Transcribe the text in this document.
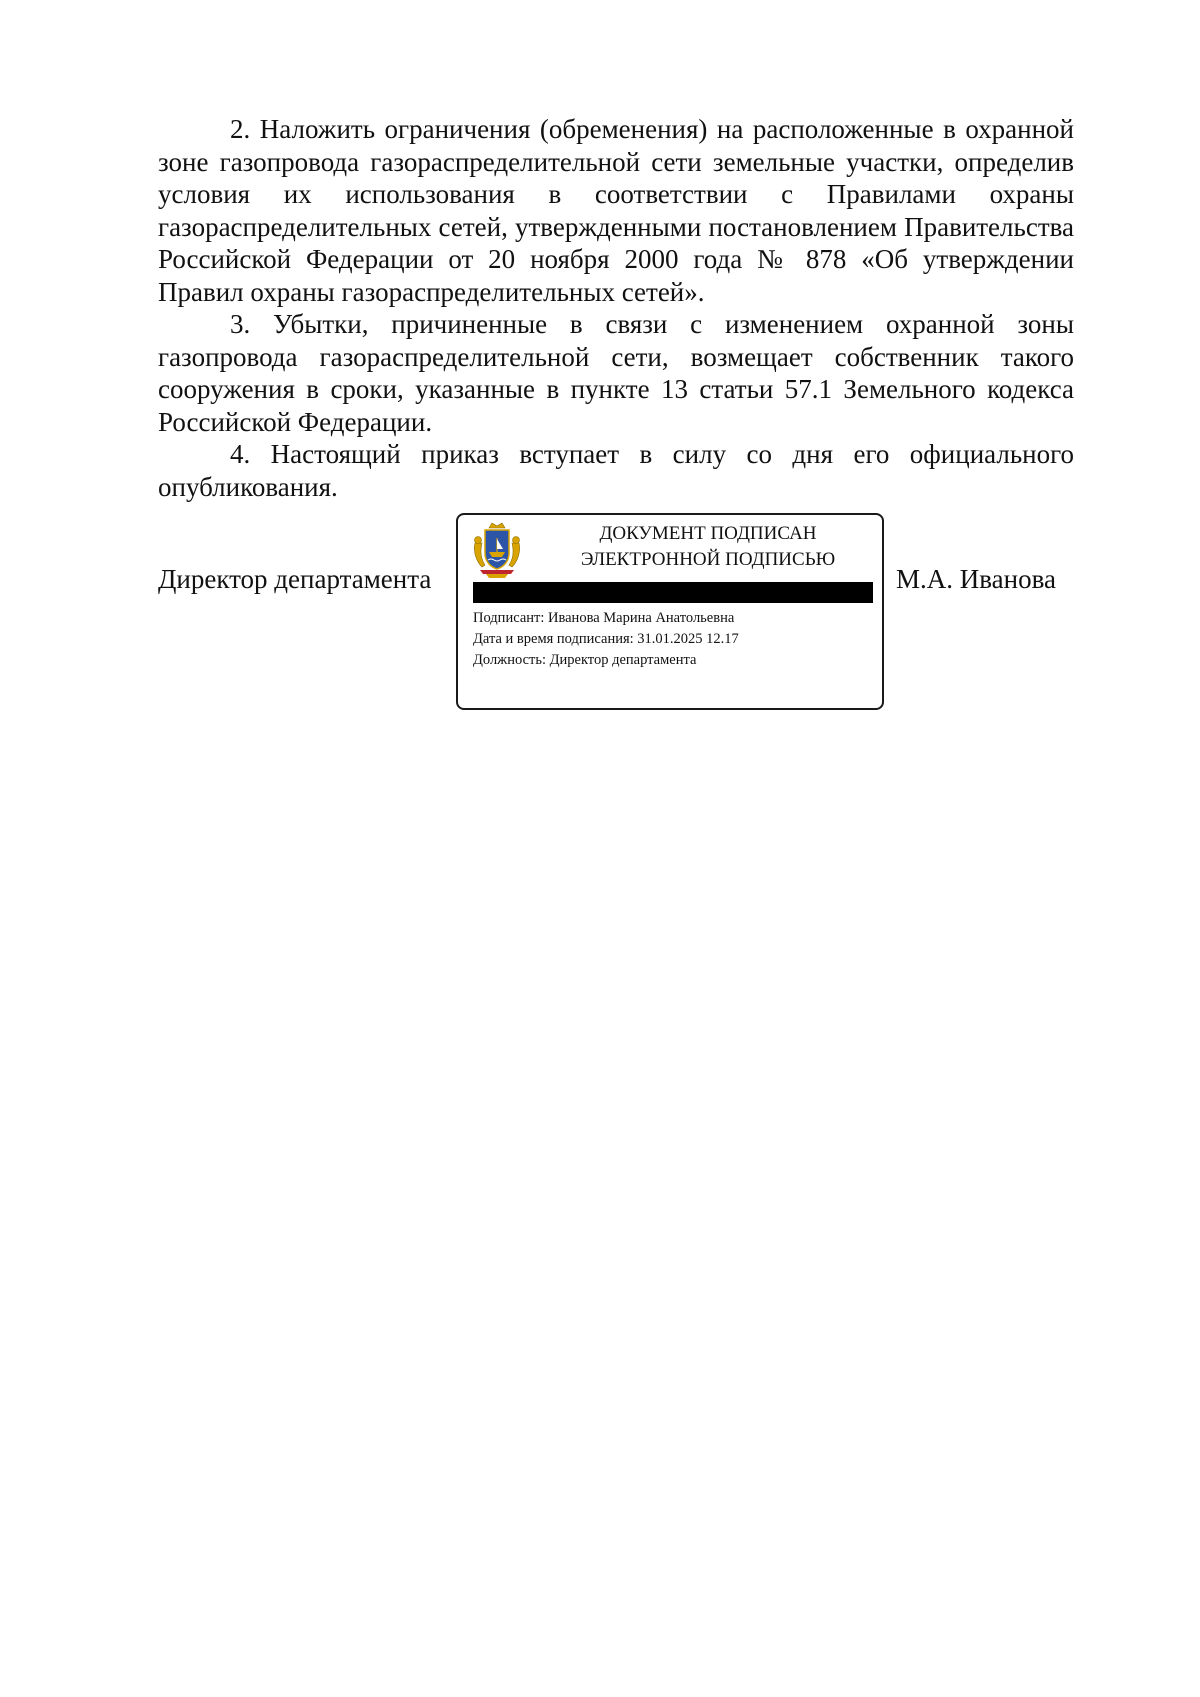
2. Наложить ограничения (обременения) на расположенные в охранной зоне газопровода газораспределительной сети земельные участки, определив условия их использования в соответствии с Правилами охраны газораспределительных сетей, утвержденными постановлением Правительства Российской Федерации от 20 ноября 2000 года № 878 «Об утверждении Правил охраны газораспределительных сетей».

3. Убытки, причиненные в связи с изменением охранной зоны газопровода газораспределительной сети, возмещает собственник такого сооружения в сроки, указанные в пункте 13 статьи 57.1 Земельного кодекса Российской Федерации.

4. Настоящий приказ вступает в силу со дня его официального опубликования.

Директор департамента
ДОКУМЕНТ ПОДПИСАН
ЭЛЕКТРОННОЙ ПОДПИСЬЮ

Подписант: Иванова Марина Анатольевна

Дата и время подписания: 31.01.2025 12.17

Должность: Директор департамента

М.А. Иванова
